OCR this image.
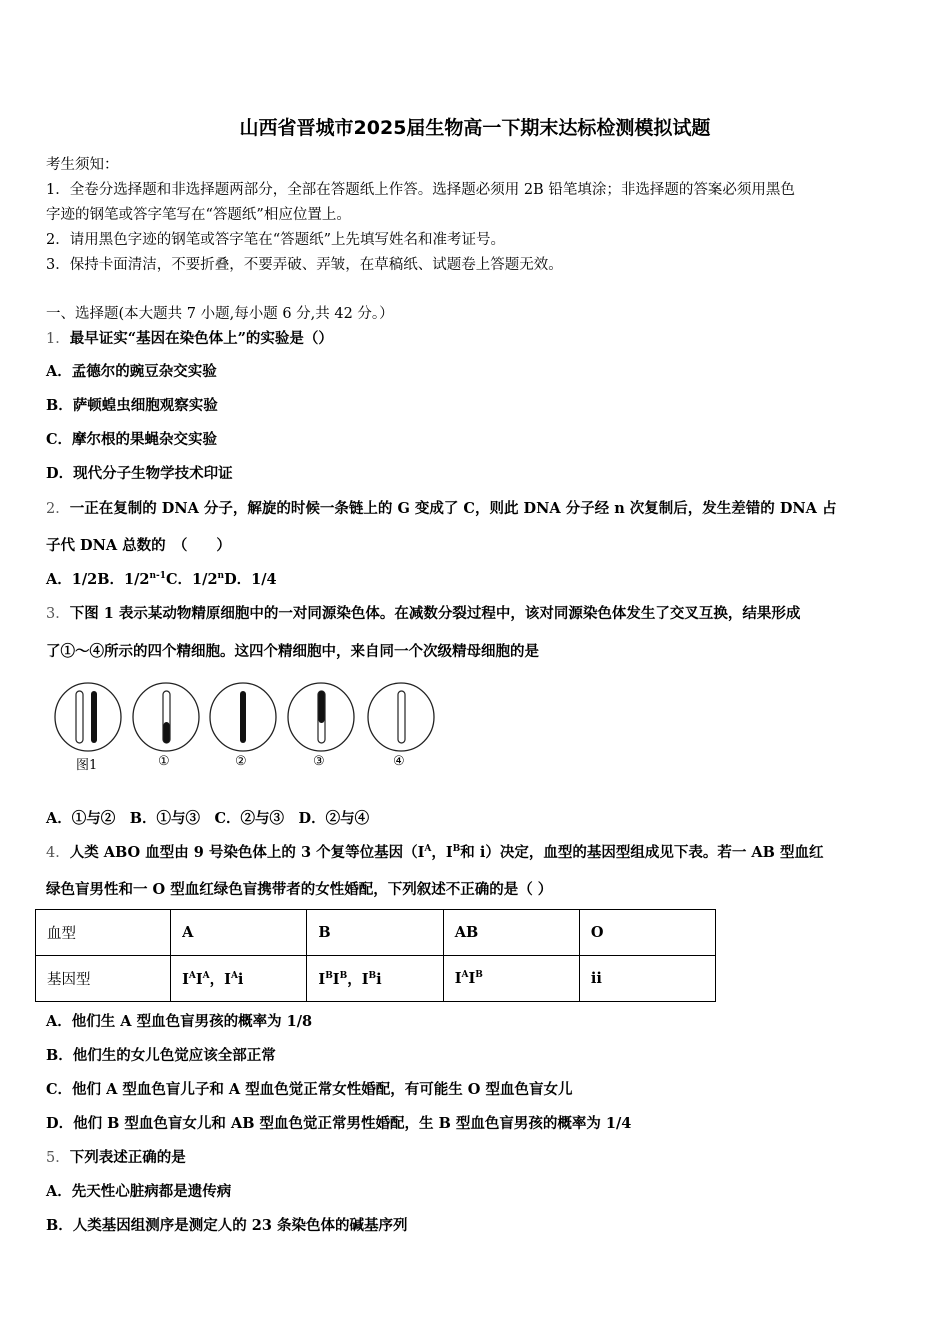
山西省晋城市2025届生物高一下期末达标检测模拟试题
考生须知：
1．全卷分选择题和非选择题两部分，全部在答题纸上作答。选择题必须用 2B 铅笔填涂；非选择题的答案必须用黑色
字迹的钢笔或答字笔写在“答题纸”相应位置上。
2．请用黑色字迹的钢笔或答字笔在“答题纸”上先填写姓名和准考证号。
3．保持卡面清洁，不要折叠，不要弄破、弄皱，在草稿纸、试题卷上答题无效。
一、选择题(本大题共 7 小题,每小题 6 分,共 42 分。）
1．最早证实“基因在染色体上”的实验是（）
A．孟德尔的豌豆杂交实验
B．萨顿蝗虫细胞观察实验
C．摩尔根的果蝇杂交实验
D．现代分子生物学技术印证
2．一正在复制的 DNA 分子，解旋的时候一条链上的 G 变成了 C，则此 DNA 分子经 n 次复制后，发生差错的 DNA 占
子代 DNA 总数的　（　　）
A．1/2B．1/2$^{n-1}$C．1/2$^n$D．1/4
3．下图 1 表示某动物精原细胞中的一对同源染色体。在减数分裂过程中，该对同源染色体发生了交叉互换，结果形成
了①～④所示的四个精细胞。这四个精细胞中，来自同一个次级精母细胞的是
图1	①	②	③	④
A．①与②　B．①与③　C．②与③　D．②与④
4．人类 ABO 血型由 9 号染色体上的 3 个复等位基因（$I^A$，$I^B$和 i）决定，血型的基因型组成见下表。若一 AB 型血红
绿色盲男性和一 O 型血红绿色盲携带者的女性婚配，下列叙述不正确的是（ ）
血型	A	B	AB	O
基因型	$I^AI^A$，$I^Ai$	$I^BI^B$，$I^Bi$	$I^AI^B$	ii
A．他们生 A 型血色盲男孩的概率为 1/8
B．他们生的女儿色觉应该全部正常
C．他们 A 型血色盲儿子和 A 型血色觉正常女性婚配，有可能生 O 型血色盲女儿
D．他们 B 型血色盲女儿和 AB 型血色觉正常男性婚配，生 B 型血色盲男孩的概率为 1/4
5．下列表述正确的是
A．先天性心脏病都是遗传病
B．人类基因组测序是测定人的 23 条染色体的碱基序列
